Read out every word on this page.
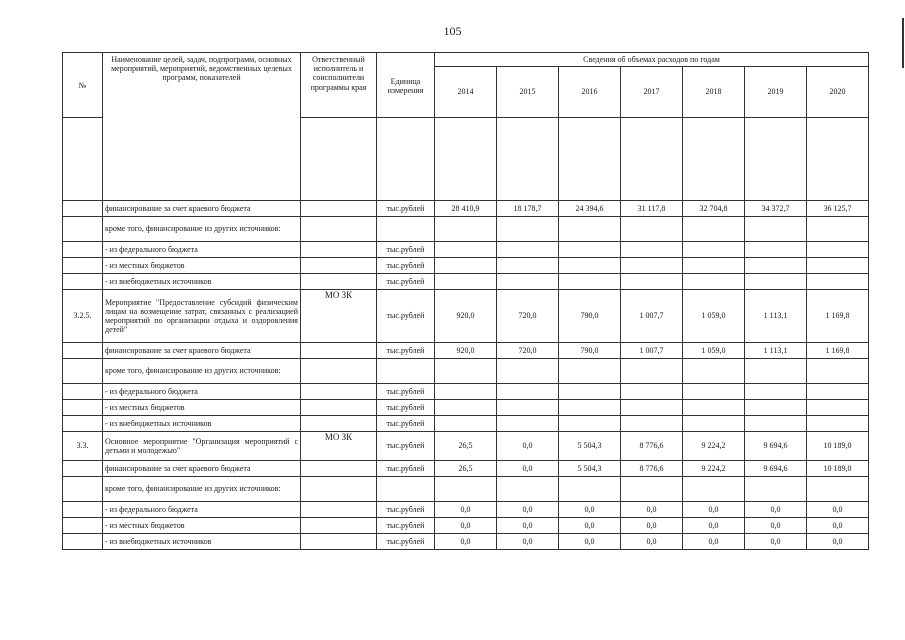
105
№	Наименование целей, задач, подпрограмм, основных мероприятий, мероприятий, ведомственных целевых программ, показателей	Ответственный исполнитель и соисполнители программы края	Единица измерения	Сведения об объемах расходов по годам						
				2014	2015	2016	2017	2018	2019	2020

	финансирование за счет краевого бюджета		тыс.рублей	28 410,9	18 178,7	24 394,6	31 117,8	32 704,8	34 372,7	36 125,7
	кроме того, финансирование из других источников:									
	- из федерального бюджета		тыс.рублей							
	- из местных бюджетов		тыс.рублей							
	- из внебюджетных источников		тыс.рублей							
3.2.5.	Мероприятие "Предоставление субсидий физическим лицам на возмещение затрат, связанных с реализацией мероприятий по организации отдыха и оздоровления детей"	МО ЗК	тыс.рублей	920,0	720,0	790,0	1 007,7	1 059,0	1 113,1	1 169,8
	финансирование за счет краевого бюджета		тыс.рублей	920,0	720,0	790,0	1 007,7	1 059,0	1 113,1	1 169,8
	кроме того, финансирование из других источников:									
	- из федерального бюджета		тыс.рублей							
	- из местных бюджетов		тыс.рублей							
	- из внебюджетных источников		тыс.рублей							
3.3.	Основное мероприятие "Организация мероприятий с детьми и молодежью"	МО ЗК	тыс.рублей	26,5	0,0	5 504,3	8 776,6	9 224,2	9 694,6	10 189,0
	финансирование за счет краевого бюджета		тыс.рублей	26,5	0,0	5 504,3	8 776,6	9 224,2	9 694,6	10 189,0
	кроме того, финансирование из других источников:									
	- из федерального бюджета		тыс.рублей	0,0	0,0	0,0	0,0	0,0	0,0	0,0
	- из местных бюджетов		тыс.рублей	0,0	0,0	0,0	0,0	0,0	0,0	0,0
	- из внебюджетных источников		тыс.рублей	0,0	0,0	0,0	0,0	0,0	0,0	0,0
